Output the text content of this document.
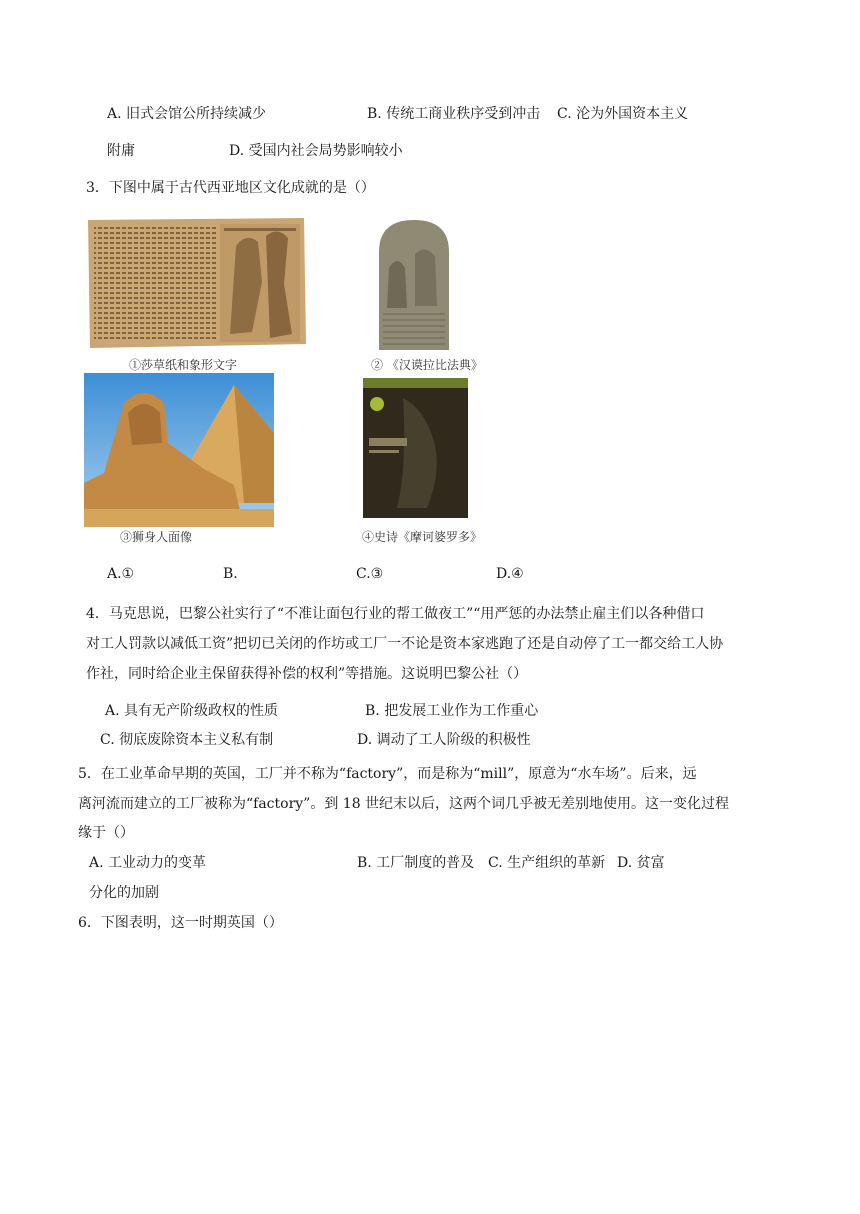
A. 旧式会馆公所持续减少	B. 传统工商业秩序受到冲击 C. 沦为外国资本主义
附庸	D. 受国内社会局势影响较小
3．下图中属于古代西亚地区文化成就的是（）
①莎草纸和象形文字	② 《汉谟拉比法典》
③狮身人面像	④史诗《摩诃婆罗多》
A.①	B.	C.③	D.④
4．马克思说，巴黎公社实行了“不准让面包行业的帮工做夜工”“用严惩的办法禁止雇主们以各种借口
对工人罚款以减低工资”把切已关闭的作坊或工厂一不论是资本家逃跑了还是自动停了工一都交给工人协
作社，同时给企业主保留获得补偿的权利”等措施。这说明巴黎公社（）
A. 具有无产阶级政权的性质	B. 把发展工业作为工作重心
C. 彻底废除资本主义私有制	D. 调动了工人阶级的积极性
5．在工业革命早期的英国，工厂并不称为“factory”，而是称为“mill”，原意为“水车场”。后来，远
离河流而建立的工厂被称为“factory”。到 18 世纪末以后，这两个词几乎被无差别地使用。这一变化过程
缘于（）
A. 工业动力的变革	B. 工厂制度的普及 C. 生产组织的革新 D. 贫富
分化的加剧
6．下图表明，这一时期英国（）
